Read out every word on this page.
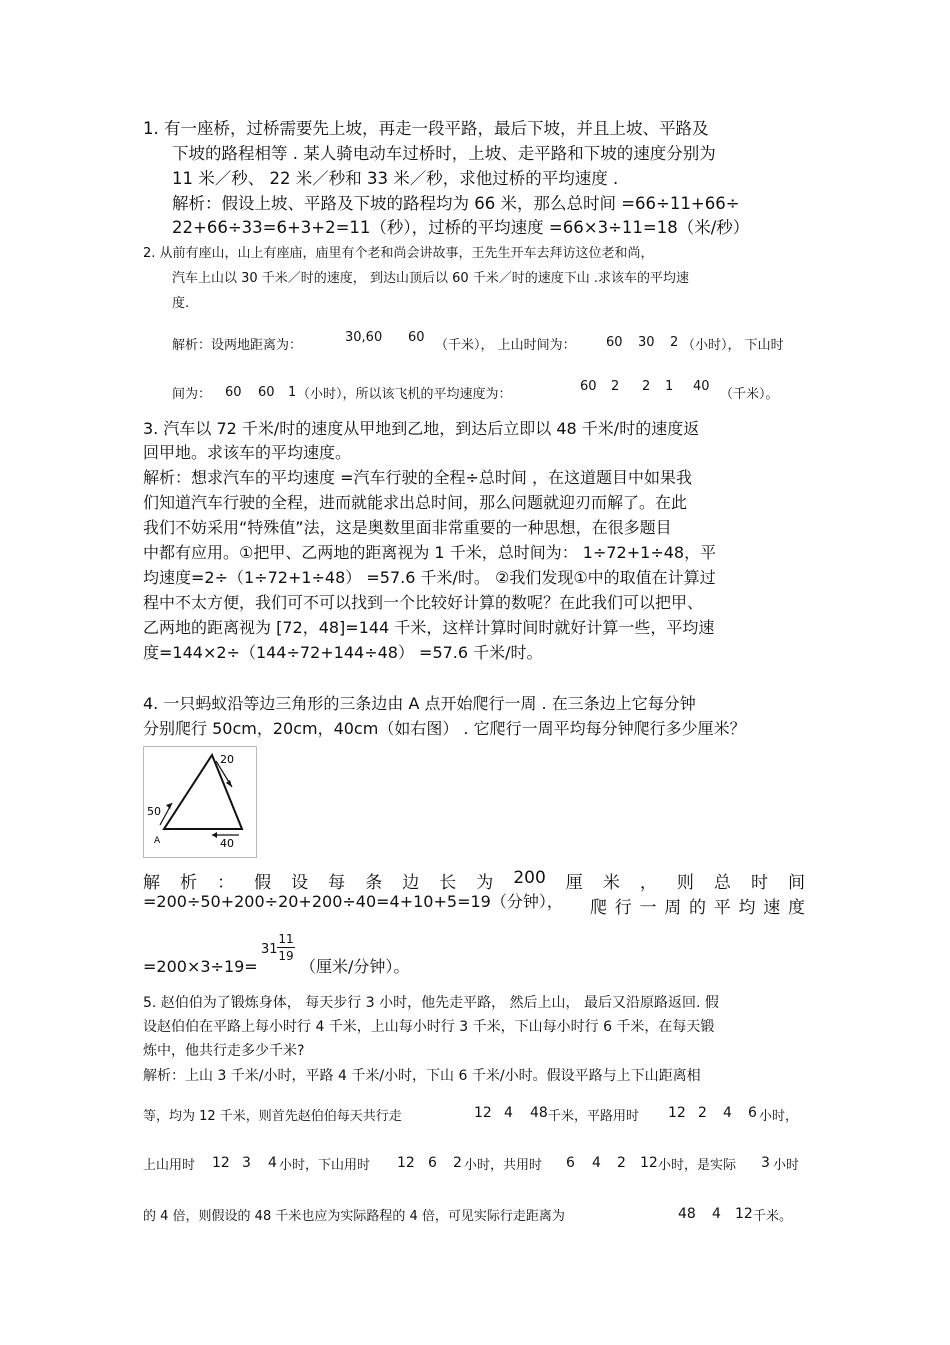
1. 有一座桥，过桥需要先上坡，再走一段平路，最后下坡，并且上坡、平路及
下坡的路程相等 . 某人骑电动车过桥时，上坡、走平路和下坡的速度分别为
11 米／秒、 22 米／秒和 33 米／秒，求他过桥的平均速度 .
解析：假设上坡、平路及下坡的路程均为 66 米，那么总时间 =66÷11+66÷
22+66÷33=6+3+2=11（秒），过桥的平均速度 =66×3÷11=18（米/秒）
2. 从前有座山，山上有座庙，庙里有个老和尚会讲故事，王先生开车去拜访这位老和尚，
汽车上山以 30 千米／时的速度， 到达山顶后以 60 千米／时的速度下山 .求该车的平均速
度.
解析：设两地距离为：
30,60 60
（千米）， 上山时间为： 60 30 2 （小时）， 下山时
间为： 60 60 1 （小时），所以该飞机的平均速度为：
60 2 2 1 40
（千米）。
3. 汽车以 72 千米/时的速度从甲地到乙地，到达后立即以 48 千米/时的速度返
回甲地。求该车的平均速度。
解析：想求汽车的平均速度 =汽车行驶的全程÷总时间 ，在这道题目中如果我
们知道汽车行驶的全程，进而就能求出总时间，那么问题就迎刃而解了。在此
我们不妨采用“特殊值”法，这是奥数里面非常重要的一种思想，在很多题目
中都有应用。①把甲、乙两地的距离视为 1 千米，总时间为： 1÷72+1÷48，平
均速度=2÷（1÷72+1÷48） =57.6 千米/时。 ②我们发现①中的取值在计算过
程中不太方便，我们可不可以找到一个比较好计算的数呢？在此我们可以把甲、
乙两地的距离视为 [72，48]=144 千米，这样计算时间时就好计算一些，平均速
度=144×2÷（144÷72+144÷48） =57.6 千米/时。
4. 一只蚂蚁沿等边三角形的三条边由 A 点开始爬行一周 . 在三条边上它每分钟
分别爬行 50cm，20cm，40cm（如右图） . 它爬行一周平均每分钟爬行多少厘米？
20
50
40
A
解 析 ： 假 设 每 条 边 长 为 200 厘 米 ， 则 总 时 间
=200÷50+200÷20+200÷40=4+10+5=19（分钟）， 爬 行 一 周 的 平 均 速 度
=200×3÷19=
31
11
19
（厘米/分钟）。
5. 赵伯伯为了锻炼身体， 每天步行 3 小时，他先走平路， 然后上山， 最后又沿原路返回. 假
设赵伯伯在平路上每小时行 4 千米，上山每小时行 3 千米，下山每小时行 6 千米，在每天锻
炼中，他共行走多少千米?
解析：上山 3 千米/小时，平路 4 千米/小时，下山 6 千米/小时。假设平路与上下山距离相
等，均为 12 千米，则首先赵伯伯每天共行走	12 4 48 千米，平路用时 12 2 4 6 小时，
上山用时 12 3 4 小时，下山用时 12 6 2 小时，共用时 6 4 2 12 小时，是实际 3 小时
的 4 倍，则假设的 48 千米也应为实际路程的 4 倍，可见实际行走距离为	48 4 12 千米。
